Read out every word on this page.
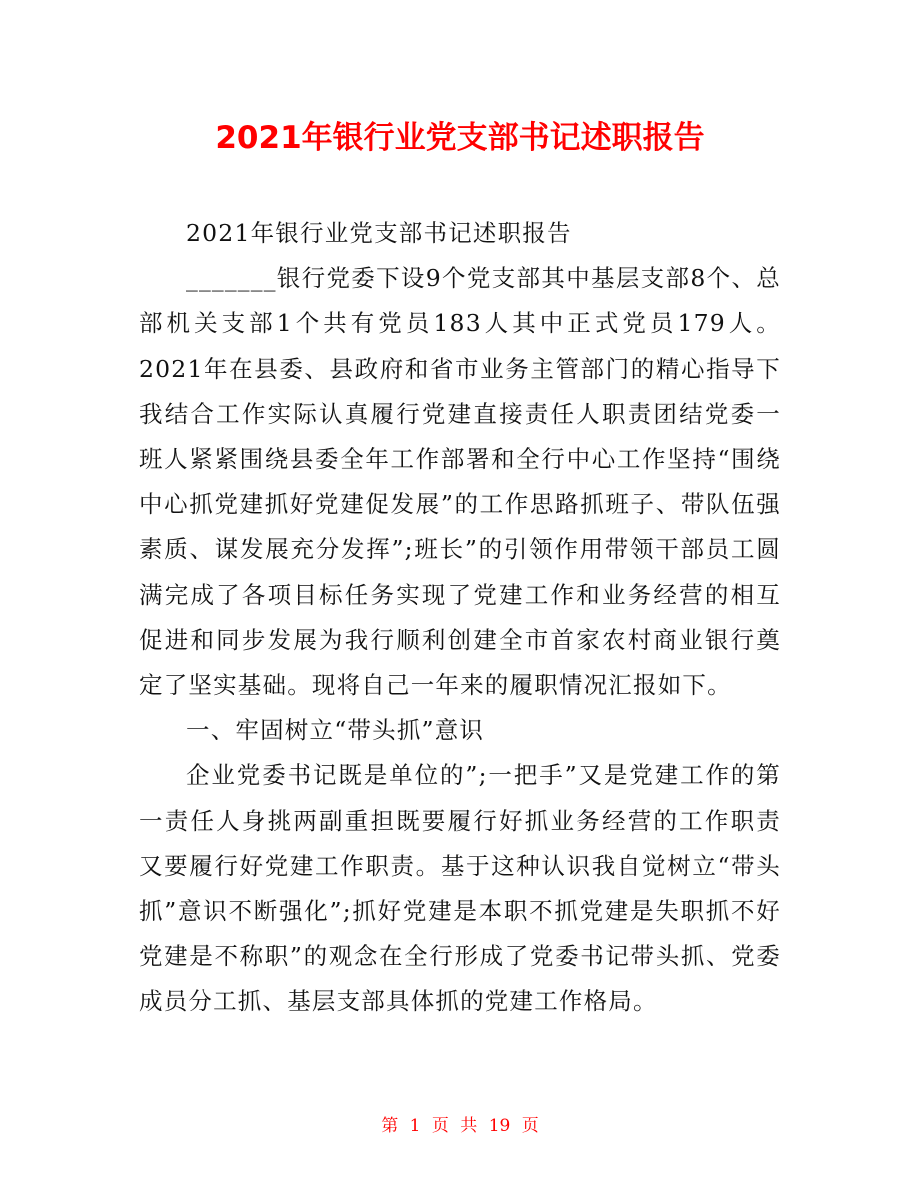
2021年银行业党支部书记述职报告

2021年银行业党支部书记述职报告

_______银行党委下设9个党支部其中基层支部8个、总部机关支部1个共有党员183人其中正式党员179人。2021年在县委、县政府和省市业务主管部门的精心指导下我结合工作实际认真履行党建直接责任人职责团结党委一班人紧紧围绕县委全年工作部署和全行中心工作坚持“围绕中心抓党建抓好党建促发展”的工作思路抓班子、带队伍强素质、谋发展充分发挥”;班长”的引领作用带领干部员工圆满完成了各项目标任务实现了党建工作和业务经营的相互促进和同步发展为我行顺利创建全市首家农村商业银行奠定了坚实基础。现将自己一年来的履职情况汇报如下。

一、牢固树立“带头抓”意识

企业党委书记既是单位的”;一把手”又是党建工作的第一责任人身挑两副重担既要履行好抓业务经营的工作职责又要履行好党建工作职责。基于这种认识我自觉树立“带头抓”意识不断强化”;抓好党建是本职不抓党建是失职抓不好党建是不称职”的观念在全行形成了党委书记带头抓、党委成员分工抓、基层支部具体抓的党建工作格局。

第 1 页 共 19 页
